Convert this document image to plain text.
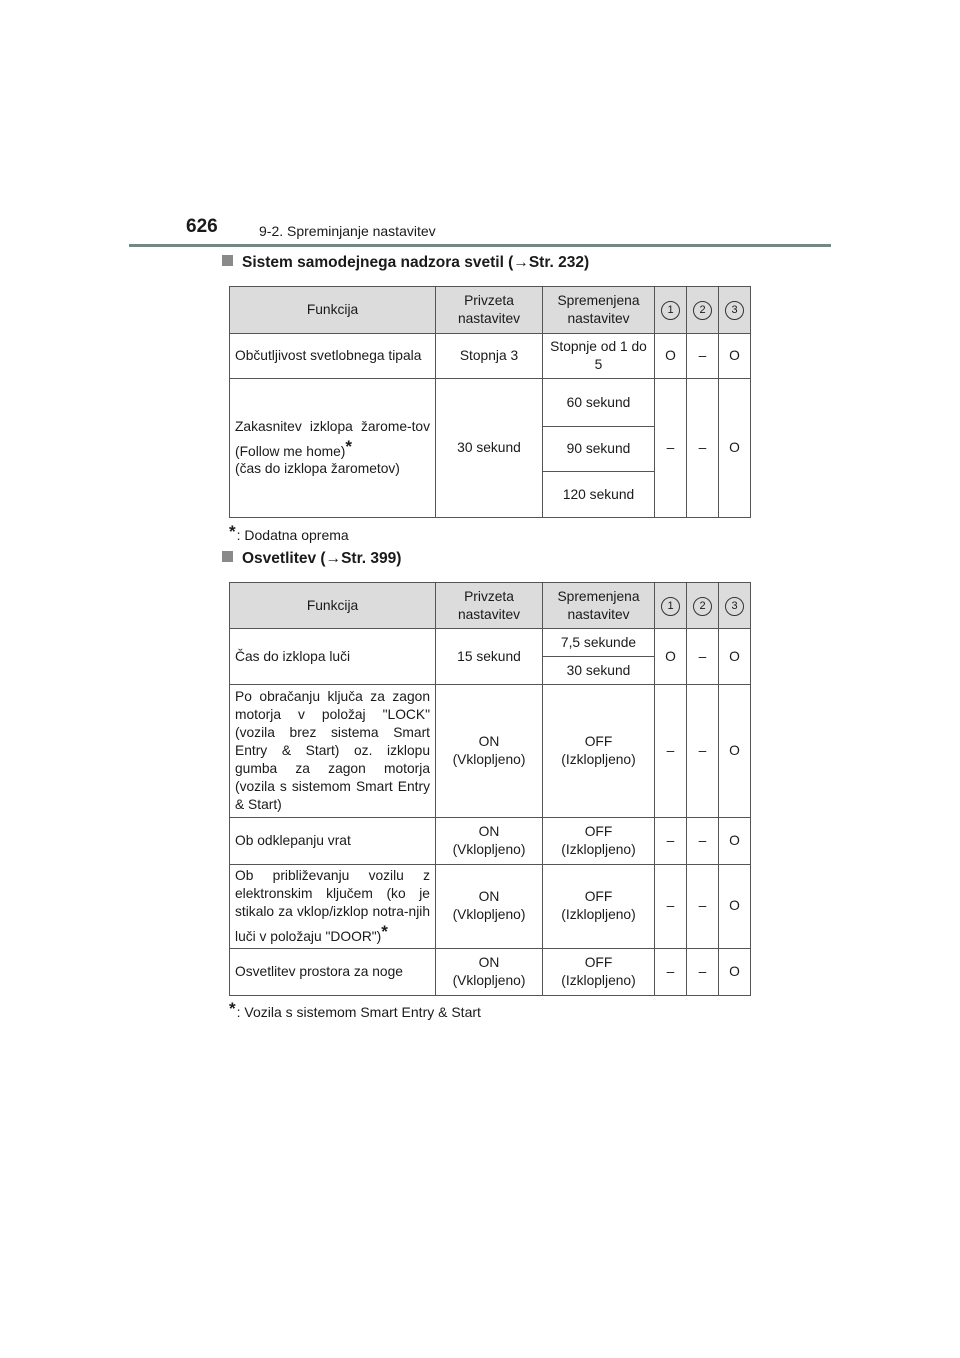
626	9-2. Spreminjanje nastavitev
Sistem samodejnega nadzora svetil (→Str. 232)
Funkcija	Privzeta nastavitev	Spremenjena nastavitev	1	2	3
Občutljivost svetlobnega tipala	Stopnja 3	Stopnje od 1 do 5	O	–	O
Zakasnitev izklopa žarome-tov (Follow me home)*
(čas do izklopa žarometov)	30 sekund	60 sekund	–	–	O
		90 sekund			
		120 sekund			
*: Dodatna oprema
Osvetlitev (→Str. 399)
Funkcija	Privzeta nastavitev	Spremenjena nastavitev	1	2	3
Čas do izklopa luči	15 sekund	7,5 sekunde	O	–	O
		30 sekund			
Po obračanju ključa za zagon motorja v položaj "LOCK" (vozila brez sistema Smart Entry & Start) oz. izklopu gumba za zagon motorja (vozila s sistemom Smart Entry & Start)	ON (Vklopljeno)	OFF (Izklopljeno)	–	–	O
Ob odklepanju vrat	ON (Vklopljeno)	OFF (Izklopljeno)	–	–	O
Ob približevanju vozilu z elektronskim ključem (ko je stikalo za vklop/izklop notra-njih luči v položaju "DOOR")*	ON (Vklopljeno)	OFF (Izklopljeno)	–	–	O
Osvetlitev prostora za noge	ON (Vklopljeno)	OFF (Izklopljeno)	–	–	O
*: Vozila s sistemom Smart Entry & Start
